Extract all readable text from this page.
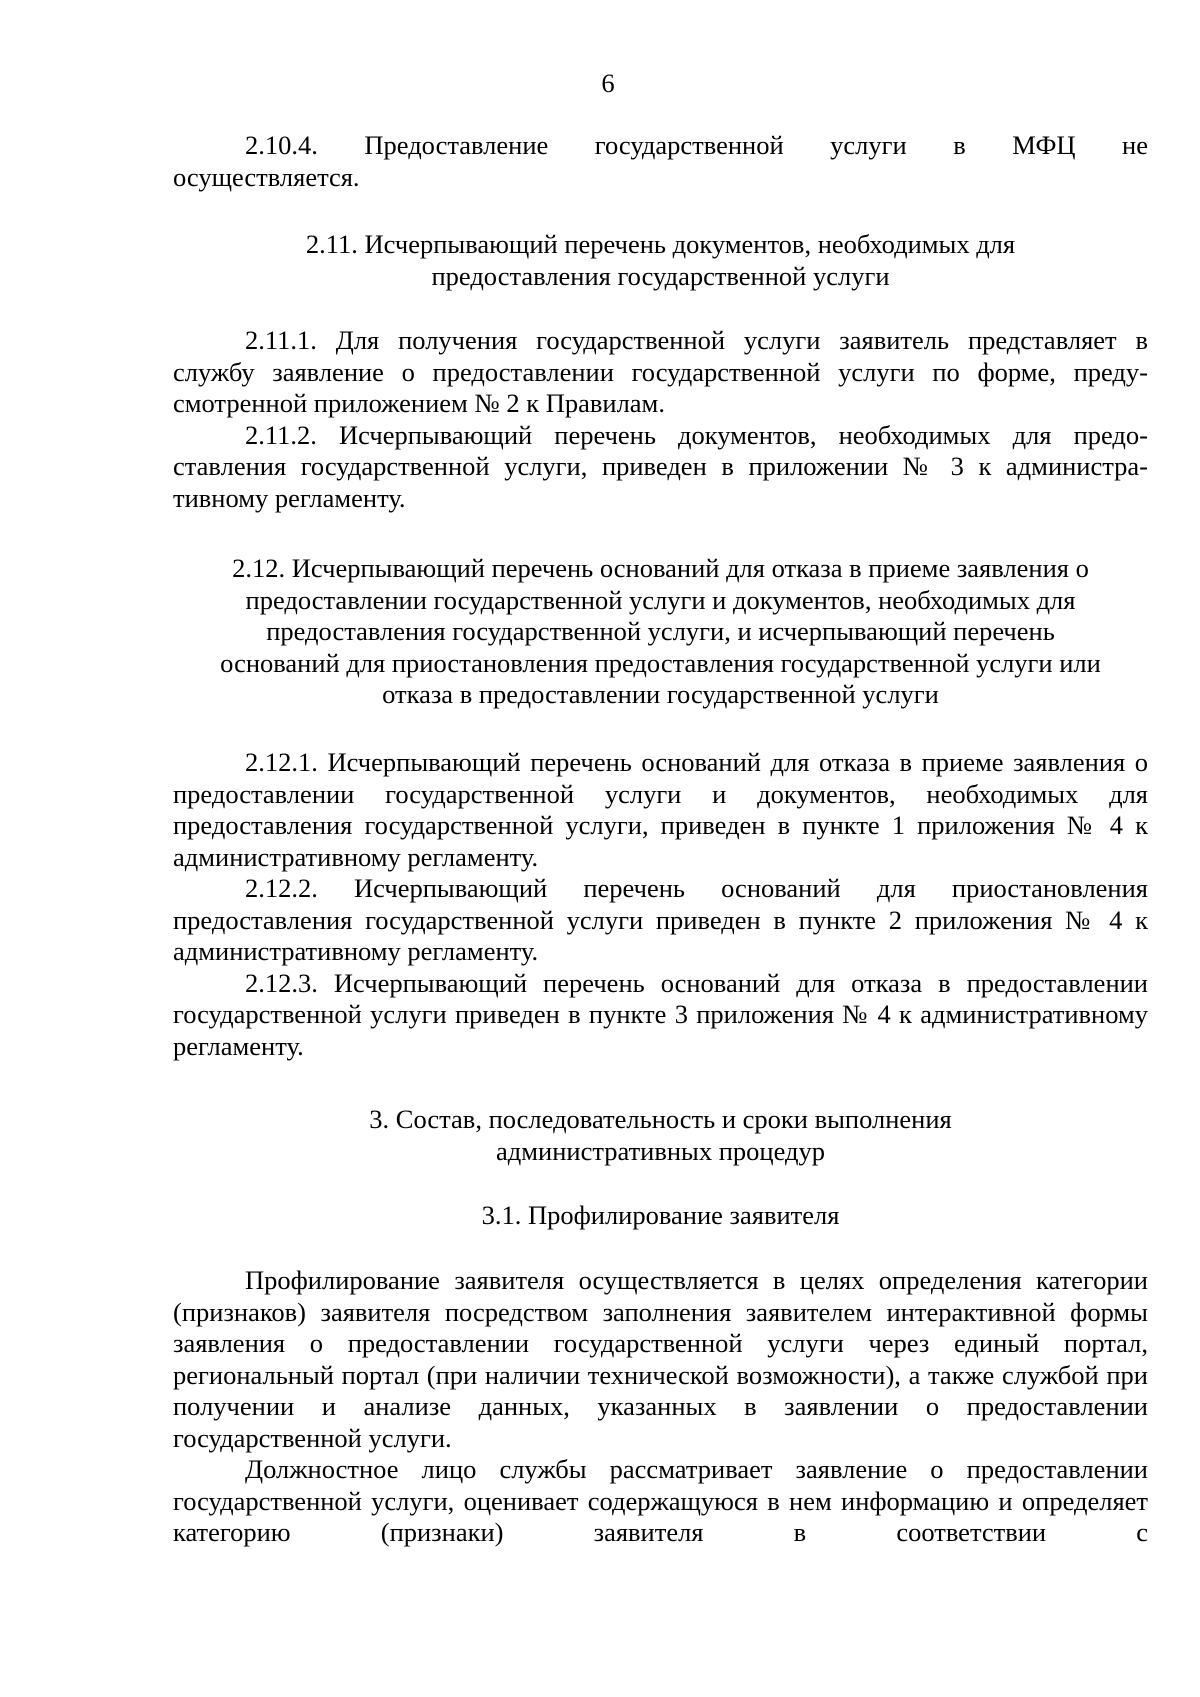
6

2.10.4. Предоставление государственной услуги в МФЦ не

осуществляется.

2.11. Исчерпывающий перечень документов, необходимых для

предоставления государственной услуги

2.11.1. Для получения государственной услуги заявитель представляет в службу заявление о предоставлении государственной услуги по форме, предусмотренной приложением № 2 к Правилам.

2.11.2. Исчерпывающий перечень документов, необходимых для предоставления государственной услуги, приведен в приложении № 3 к административному регламенту.

2.12. Исчерпывающий перечень оснований для отказа в приеме заявления о

предоставлении государственной услуги и документов, необходимых для

предоставления государственной услуги, и исчерпывающий перечень

оснований для приостановления предоставления государственной услуги или

отказа в предоставлении государственной услуги

2.12.1. Исчерпывающий перечень оснований для отказа в приеме заявления о предоставлении государственной услуги и документов, необходимых для предоставления государственной услуги, приведен в пункте 1 приложения № 4 к административному регламенту.

2.12.2. Исчерпывающий перечень оснований для приостановления предоставления государственной услуги приведен в пункте 2 приложения № 4 к административному регламенту.

2.12.3. Исчерпывающий перечень оснований для отказа в предоставлении государственной услуги приведен в пункте 3 приложения № 4 к административному регламенту.

3. Состав, последовательность и сроки выполнения

административных процедур

3.1. Профилирование заявителя

Профилирование заявителя осуществляется в целях определения категории (признаков) заявителя посредством заполнения заявителем интерактивной формы заявления о предоставлении государственной услуги через единый портал, региональный портал (при наличии технической возможности), а также службой при получении и анализе данных, указанных в заявлении о предоставлении государственной услуги.

Должностное лицо службы рассматривает заявление о предоставлении государственной услуги, оценивает содержащуюся в нем информацию и определяет категорию (признаки) заявителя в соответствии с
